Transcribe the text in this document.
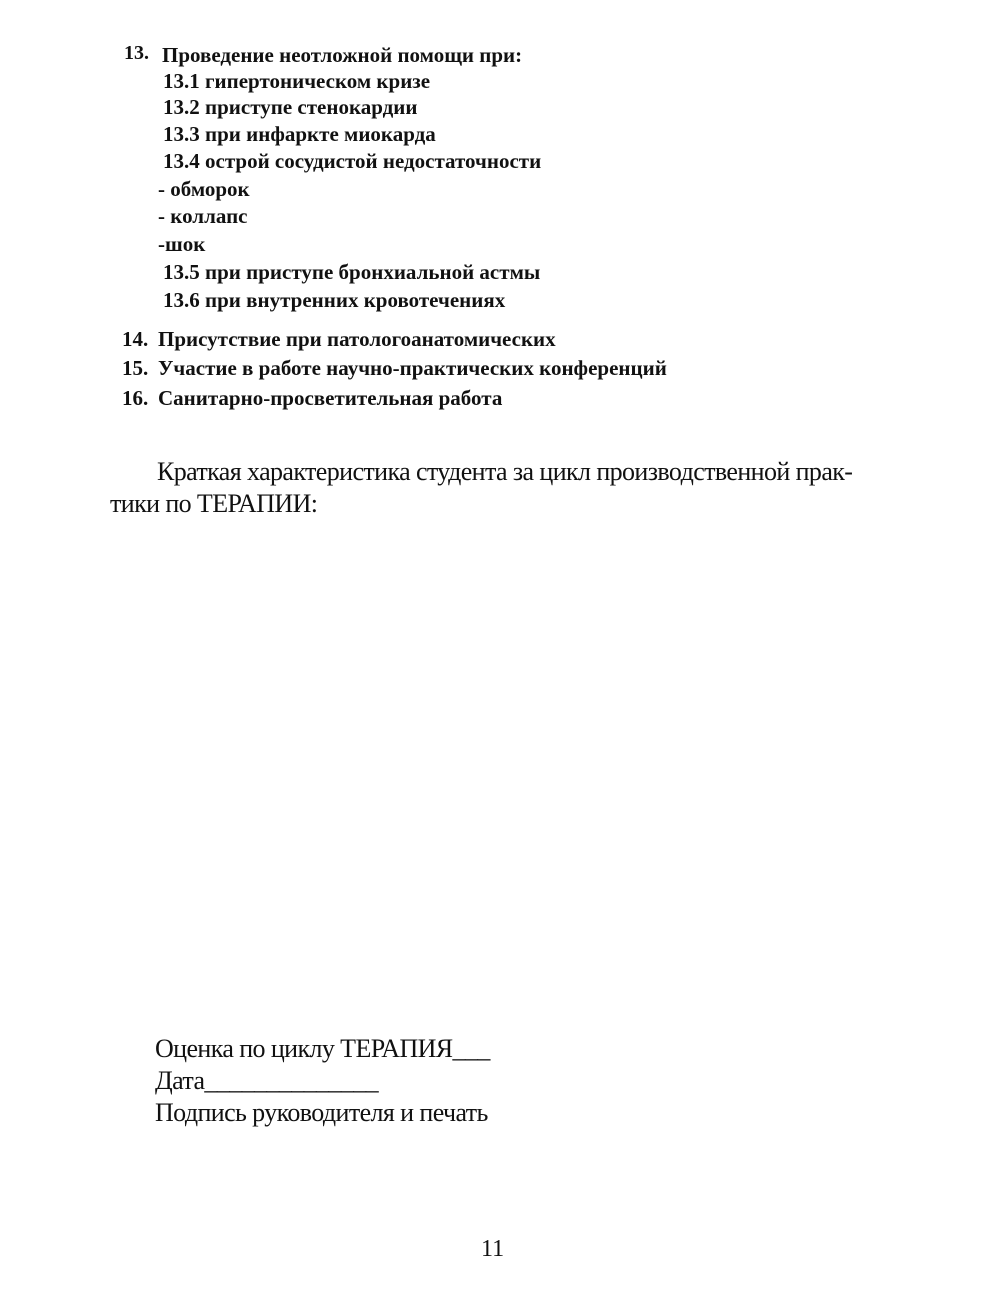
13. Проведение неотложной помощи при:
13.1 гипертоническом кризе
13.2 приступе стенокардии
13.3 при инфаркте миокарда
13.4 острой сосудистой недостаточности
- обморок
- коллапс
-шок
13.5 при приступе бронхиальной астмы
13.6 при внутренних кровотечениях
14. Присутствие при патологоанатомических
15. Участие в работе научно-практических конференций
16. Санитарно-просветительная работа
Краткая характеристика студента за цикл производственной прак-
тики по ТЕРАПИИ:
Оценка по циклу ТЕРАПИЯ___
Дата______________
Подпись руководителя и печать
11
